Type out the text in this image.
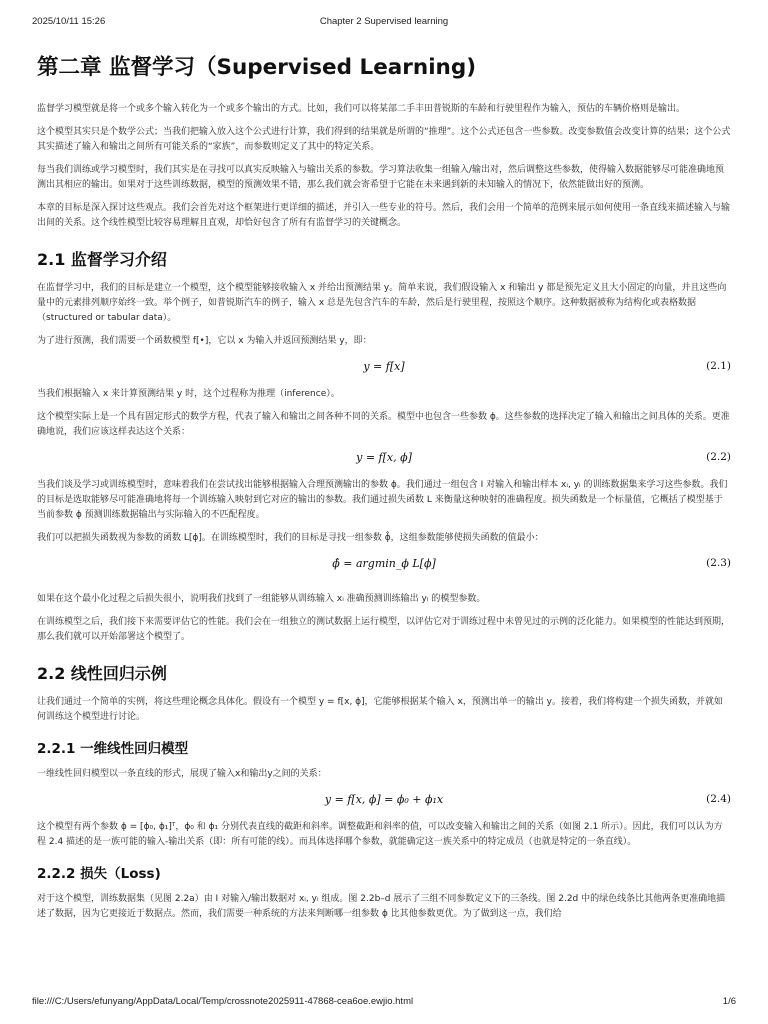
2025/10/11 15:26	Chapter 2 Supervised learning
第二章 监督学习（Supervised Learning)

监督学习模型就是将一个或多个输入转化为一个或多个输出的方式。比如，我们可以将某部二手丰田普锐斯的车龄和行驶里程作为输入，预估的车辆价格则是输出。

这个模型其实只是个数学公式；当我们把输入放入这个公式进行计算，我们得到的结果就是所谓的“推理”。这个公式还包含一些参数。改变参数值会改变计算的结果；这个公式其实描述了输入和输出之间所有可能关系的“家族”，而参数则定义了其中的特定关系。

每当我们训练或学习模型时，我们其实是在寻找可以真实反映输入与输出关系的参数。学习算法收集一组输入/输出对，然后调整这些参数，使得输入数据能够尽可能准确地预测出其相应的输出。如果对于这些训练数据，模型的预测效果不错，那么我们就会寄希望于它能在未来遇到新的未知输入的情况下，依然能做出好的预测。

本章的目标是深入探讨这些观点。我们会首先对这个框架进行更详细的描述，并引入一些专业的符号。然后，我们会用一个简单的范例来展示如何使用一条直线来描述输入与输出间的关系。这个线性模型比较容易理解且直观，却恰好包含了所有有监督学习的关键概念。

2.1 监督学习介绍

在监督学习中，我们的目标是建立一个模型，这个模型能够接收输入 x 并给出预测结果 y。简单来说，我们假设输入 x 和输出 y 都是预先定义且大小固定的向量，并且这些向量中的元素排列顺序始终一致。举个例子，如普锐斯汽车的例子，输入 x 总是先包含汽车的车龄，然后是行驶里程，按照这个顺序。这种数据被称为结构化或表格数据（structured or tabular data）。

为了进行预测，我们需要一个函数模型 f[•]，它以 x 为输入并返回预测结果 y，即：

y = f[x]	(2.1)

当我们根据输入 x 来计算预测结果 y 时，这个过程称为推理（inference）。

这个模型实际上是一个具有固定形式的数学方程，代表了输入和输出之间各种不同的关系。模型中也包含一些参数 ϕ。这些参数的选择决定了输入和输出之间具体的关系。更准确地说，我们应该这样表达这个关系：

y = f[x, ϕ]	(2.2)

当我们谈及学习或训练模型时，意味着我们在尝试找出能够根据输入合理预测输出的参数 ϕ。我们通过一组包含 I 对输入和输出样本 xᵢ, yᵢ 的训练数据集来学习这些参数。我们的目标是选取能够尽可能准确地将每一个训练输入映射到它对应的输出的参数。我们通过损失函数 L 来衡量这种映射的准确程度。损失函数是一个标量值，它概括了模型基于当前参数 ϕ 预测训练数据输出与实际输入的不匹配程度。

我们可以把损失函数视为参数的函数 L[ϕ]。在训练模型时，我们的目标是寻找一组参数 ϕ̂，这组参数能够使损失函数的值最小：

ϕ̂ = argmin_ϕ L[ϕ]	(2.3)

如果在这个最小化过程之后损失很小，说明我们找到了一组能够从训练输入 xᵢ 准确预测训练输出 yᵢ 的模型参数。

在训练模型之后，我们接下来需要评估它的性能。我们会在一组独立的测试数据上运行模型，以评估它对于训练过程中未曾见过的示例的泛化能力。如果模型的性能达到预期，那么我们就可以开始部署这个模型了。

2.2 线性回归示例

让我们通过一个简单的实例，将这些理论概念具体化。假设有一个模型 y = f[x, ϕ]，它能够根据某个输入 x，预测出单一的输出 y。接着，我们将构建一个损失函数，并就如何训练这个模型进行讨论。

2.2.1 一维线性回归模型

一维线性回归模型以一条直线的形式，展现了输入x和输出y之间的关系：

y = f[x, ϕ] = ϕ₀ + ϕ₁x	(2.4)

这个模型有两个参数 ϕ = [ϕ₀, ϕ₁]ᵀ，ϕ₀ 和 ϕ₁ 分别代表直线的截距和斜率。调整截距和斜率的值，可以改变输入和输出之间的关系（如图 2.1 所示）。因此，我们可以认为方程 2.4 描述的是一族可能的输入-输出关系（即：所有可能的线）。而具体选择哪个参数，就能确定这一族关系中的特定成员（也就是特定的一条直线）。

2.2.2 损失（Loss)

对于这个模型，训练数据集（见图 2.2a）由 I 对输入/输出数据对 xᵢ, yᵢ 组成。图 2.2b–d 展示了三组不同参数定义下的三条线。图 2.2d 中的绿色线条比其他两条更准确地描述了数据，因为它更接近于数据点。然而，我们需要一种系统的方法来判断哪一组参数 ϕ 比其他参数更优。为了做到这一点，我们给

file:///C:/Users/efunyang/AppData/Local/Temp/crossnote2025911-47868-cea6oe.ewjio.html	1/6
